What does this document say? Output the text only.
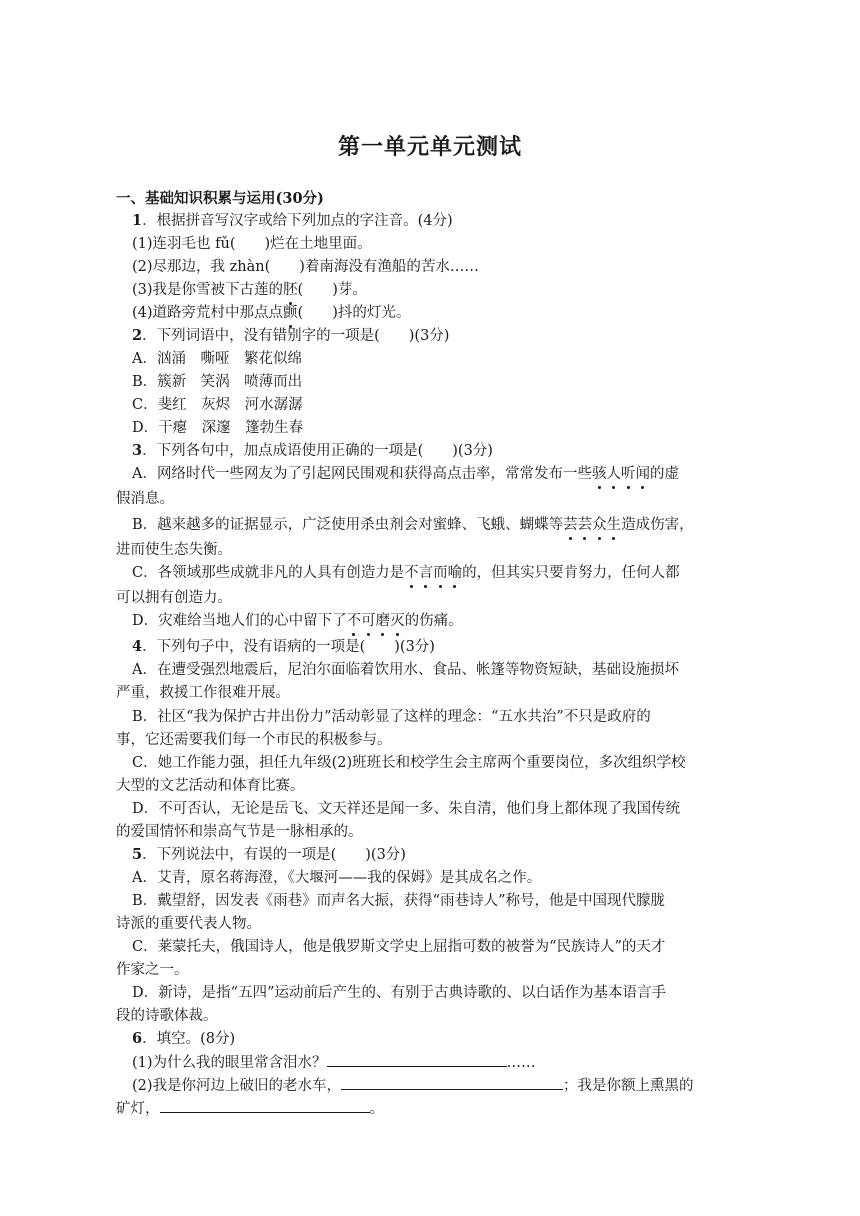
第一单元单元测试
一、基础知识积累与运用(30分)
1．根据拼音写汉字或给下列加点的字注音。(4分)
(1)连羽毛也 fǔ(　　)烂在土地里面。
(2)尽那边，我 zhàn(　　)着南海没有渔船的苦水……
(3)我是你雪被下古莲的胚(　　)芽。
(4)道路旁荒村中那点点颤(　　)抖的灯光。
2．下列词语中，没有错别字的一项是(　　)(3分)
A．汹涌　嘶哑　繁花似绵
B．簇新　笑涡　喷薄而出
C．斐红　灰烬　河水潺潺
D．干瘪　深邃　篷勃生春
3．下列各句中，加点成语使用正确的一项是(　　)(3分)
A．网络时代一些网友为了引起网民围观和获得高点击率，常常发布一些骇人听闻的虚
假消息。
B．越来越多的证据显示，广泛使用杀虫剂会对蜜蜂、飞蛾、蝴蝶等芸芸众生造成伤害，
进而使生态失衡。
C．各领域那些成就非凡的人具有创造力是不言而喻的，但其实只要肯努力，任何人都
可以拥有创造力。
D．灾难给当地人们的心中留下了不可磨灭的伤痛。
4．下列句子中，没有语病的一项是(　　)(3分)
A．在遭受强烈地震后，尼泊尔面临着饮用水、食品、帐篷等物资短缺，基础设施损坏
严重，救援工作很难开展。
B．社区“我为保护古井出份力”活动彰显了这样的理念：“五水共治”不只是政府的
事，它还需要我们每一个市民的积极参与。
C．她工作能力强，担任九年级(2)班班长和校学生会主席两个重要岗位，多次组织学校
大型的文艺活动和体育比赛。
D．不可否认，无论是岳飞、文天祥还是闻一多、朱自清，他们身上都体现了我国传统
的爱国情怀和崇高气节是一脉相承的。
5．下列说法中，有误的一项是(　　)(3分)
A．艾青，原名蒋海澄，《大堰河——我的保姆》是其成名之作。
B．戴望舒，因发表《雨巷》而声名大振，获得“雨巷诗人”称号，他是中国现代朦胧
诗派的重要代表人物。
C．莱蒙托夫，俄国诗人，他是俄罗斯文学史上屈指可数的被誉为“民族诗人”的天才
作家之一。
D．新诗，是指“五四”运动前后产生的、有别于古典诗歌的、以白话作为基本语言手
段的诗歌体裁。
6．填空。(8分)
(1)为什么我的眼里常含泪水？	……
(2)我是你河边上破旧的老水车，	；我是你额上熏黑的
矿灯，	。
